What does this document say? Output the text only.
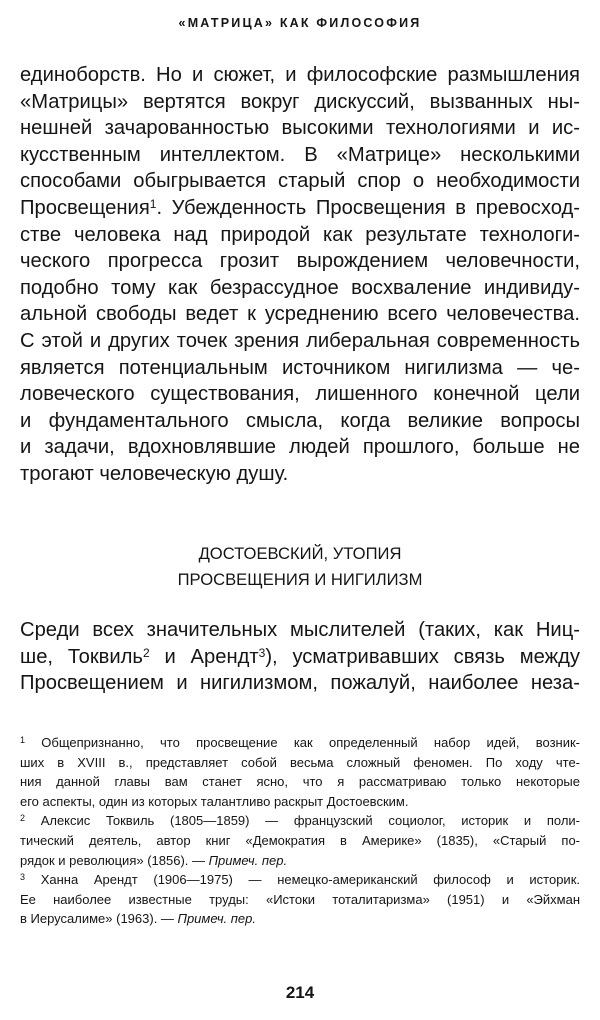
«МАТРИЦА» КАК ФИЛОСОФИЯ
единоборств. Но и сюжет, и философские размышления
«Матрицы» вертятся вокруг дискуссий, вызванных ны-
нешней зачарованностью высокими технологиями и ис-
кусственным интеллектом. В «Матрице» несколькими
способами обыгрывается старый спор о необходимости
Просвещения$^1$. Убежденность Просвещения в превосход-
стве человека над природой как результате технологи-
ческого прогресса грозит вырождением человечности,
подобно тому как безрассудное восхваление индивиду-
альной свободы ведет к усреднению всего человечества.
С этой и других точек зрения либеральная современность
является потенциальным источником нигилизма — че-
ловеческого существования, лишенного конечной цели
и фундаментального смысла, когда великие вопросы
и задачи, вдохновлявшие людей прошлого, больше не
трогают человеческую душу.
ДОСТОЕВСКИЙ, УТОПИЯ
ПРОСВЕЩЕНИЯ И НИГИЛИЗМ
Среди всех значительных мыслителей (таких, как Ниц-
ше, Токвиль$^2$ и Арендт$^3$), усматривавших связь между
Просвещением и нигилизмом, пожалуй, наиболее неза-
$^1$ Общепризнанно, что просвещение как определенный набор идей, возник-
ших в XVIII в., представляет собой весьма сложный феномен. По ходу чте-
ния данной главы вам станет ясно, что я рассматриваю только некоторые
его аспекты, один из которых талантливо раскрыт Достоевским.
$^2$ Алексис Токвиль (1805—1859) — французский социолог, историк и поли-
тический деятель, автор книг «Демократия в Америке» (1835), «Старый по-
рядок и революция» (1856). — Примеч. пер.
$^3$ Ханна Арендт (1906—1975) — немецко-американский философ и историк.
Ее наиболее известные труды: «Истоки тоталитаризма» (1951) и «Эйхман
в Иерусалиме» (1963). — Примеч. пер.
214
